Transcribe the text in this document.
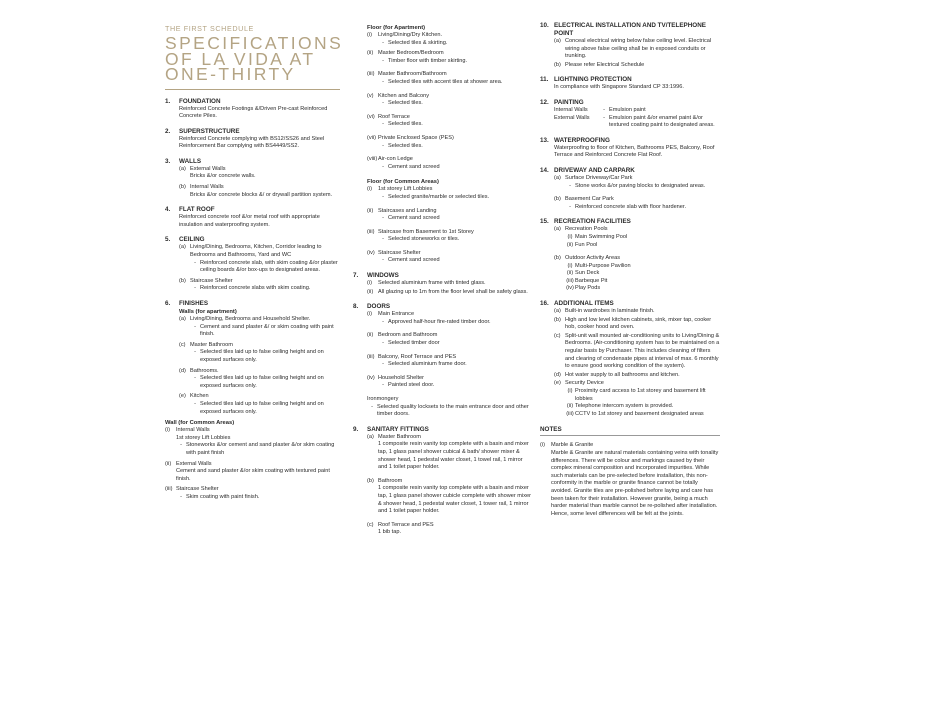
THE FIRST SCHEDULE
SPECIFICATIONS
OF LA VIDA AT
ONE-THIRTY
1.	FOUNDATION
Reinforced Concrete Footings &/Driven Pre-cast Reinforced Concrete Piles.
2.	SUPERSTRUCTURE
Reinforced Concrete complying with BS12/SS26 and Steel Reinforcement Bar complying with BS4449/SS2.
3.	WALLS
(a) External Walls
Bricks &/or concrete walls.
(b) Internal Walls
Bricks &/or concrete blocks &/ or drywall partition system.
4.	FLAT ROOF
Reinforced concrete roof &/or metal roof with appropriate insulation and waterproofing system.
5.	CEILING
(a) Living/Dining, Bedrooms, Kitchen, Corridor leading to Bedrooms and Bathrooms, Yard and WC
- Reinforced concrete slab, with skim coating &/or plaster ceiling boards &/or box-ups to designated areas.
(b) Staircase Shelter
- Reinforced concrete slabs with skim coating.
6.	FINISHES
Walls (for apartment)
(a) Living/Dining, Bedrooms and Household Shelter.
- Cement and sand plaster &/ or skim coating with paint finish.
(c) Master Bathroom
- Selected tiles laid up to false ceiling height and on exposed surfaces only.
(d) Bathrooms.
- Selected tiles laid up to false ceiling height and on exposed surfaces only.
(e) Kitchen
- Selected tiles laid up to false ceiling height and on exposed surfaces only.
Wall (for Common Areas)
(i)	Internal Walls
1st storey Lift Lobbies
- Stoneworks &/or cement and sand plaster &/or skim coating with paint finish
(ii) External Walls
Cement and sand plaster &/or skim coating with textured paint finish.
(iii) Staircase Shelter
- Skim coating with paint finish.
Floor (for Apartment)
(i)	Living/Dining/Dry Kitchen.
- Selected tiles & skirting.
(ii) Master Bedroom/Bedroom
- Timber floor with timber skirting.
(iii) Master Bathroom/Bathroom
- Selected tiles with accent tiles at shower area.
(v) Kitchen and Balcony
- Selected tiles.
(vi) Roof Terrace
- Selected tiles.
(vii) Private Enclosed Space (PES)
- Selected tiles.
(viii) Air-con Ledge
- Cement sand screed
Floor (for Common Areas)
(i)	1st storey Lift Lobbies
- Selected granite/marble or selected tiles.
(ii) Staircases and Landing
- Cement sand screed
(iii) Staircase from Basement to 1st Storey
- Selected stoneworks or tiles.
(iv) Staircase Shelter
- Cement sand screed
7.	WINDOWS
(i)	Selected aluminium frame with tinted glass.
(ii) All glazing up to 1m from the floor level shall be safety glass.
8.	DOORS
(i)	Main Entrance
- Approved half-hour fire-rated timber door.
(ii) Bedroom and Bathroom
- Selected timber door
(iii) Balcony, Roof Terrace and PES
- Selected aluminium frame door.
(iv) Household Shelter
- Painted steel door.
Ironmongery
- Selected quality locksets to the main entrance door and other timber doors.
9.	SANITARY FITTINGS
(a) Master Bathroom
1 composite resin vanity top complete with a basin and mixer tap, 1 glass panel shower cubical & bath/ shower mixer & shower head, 1 pedestal water closet, 1 towel rail, 1 mirror and 1 toilet paper holder.
(b) Bathroom
1 composite resin vanity top complete with a basin and mixer tap, 1 glass panel shower cubicle complete with shower mixer & shower head, 1 pedestal water closet, 1 tower rail, 1 mirror and 1 toilet paper holder.
(c) Roof Terrace and PES
1 bib tap.
10. ELECTRICAL INSTALLATION AND TV/TELEPHONE POINT
(a) Conceal electrical wiring below false ceiling level. Electrical wiring above false ceiling shall be in exposed conduits or trunking.
(b) Please refer Electrical Schedule
11. LIGHTNING PROTECTION
In compliance with Singapore Standard CP 33:1996.
12. PAINTING
Internal Walls	- Emulsion paint
External Walls	- Emulsion paint &/or enamel paint &/or textured coating paint to designated areas.
13. WATERPROOFING
Waterproofing to floor of Kitchen, Bathrooms PES, Balcony, Roof Terrace and Reinforced Concrete Flat Roof.
14. DRIVEWAY AND CARPARK
(a) Surface Driveway/Car Park
- Stone works &/or paving blocks to designated areas.
(b) Basement Car Park
- Reinforced concrete slab with floor hardener.
15. RECREATION FACILITIES
(a) Recreation Pools
(i) Main Swimming Pool
(ii) Fun Pool
(b) Outdoor Activity Areas
(i) Multi-Purpose Pavilion
(ii) Sun Deck
(iii) Barbeque Pit
(iv) Play Pods
16. ADDITIONAL ITEMS
(a) Built-in wardrobes in laminate finish.
(b) High and low level kitchen cabinets, sink, mixer tap, cooker hob, cooker hood and oven.
(c) Split-unit wall mounted air-conditioning units to Living/Dining & Bedrooms. (Air-conditioning system has to be maintained on a regular basis by Purchaser. This includes cleaning of filters and clearing of condensate pipes at interval of max. 6 monthly to ensure good working condition of the system).
(d) Hot water supply to all bathrooms and kitchen.
(e) Security Device
(i) Proximity card access to 1st storey and basement lift lobbies
(ii) Telephone intercom system is provided.
(iii) CCTV to 1st storey and basement designated areas
NOTES
(i)	Marble & Granite
Marble & Granite are natural materials containing veins with tonality differences. There will be colour and markings caused by their complex mineral composition and incorporated impurities. While such materials can be pre-selected before installation, this non-conformity in the marble or granite finance cannot be totally avoided. Granite tiles are pre-polished before laying and care has been taken for their installation. However granite, being a much harder material than marble cannot be re-polished after installation. Hence, some level differences will be felt at the joints.
